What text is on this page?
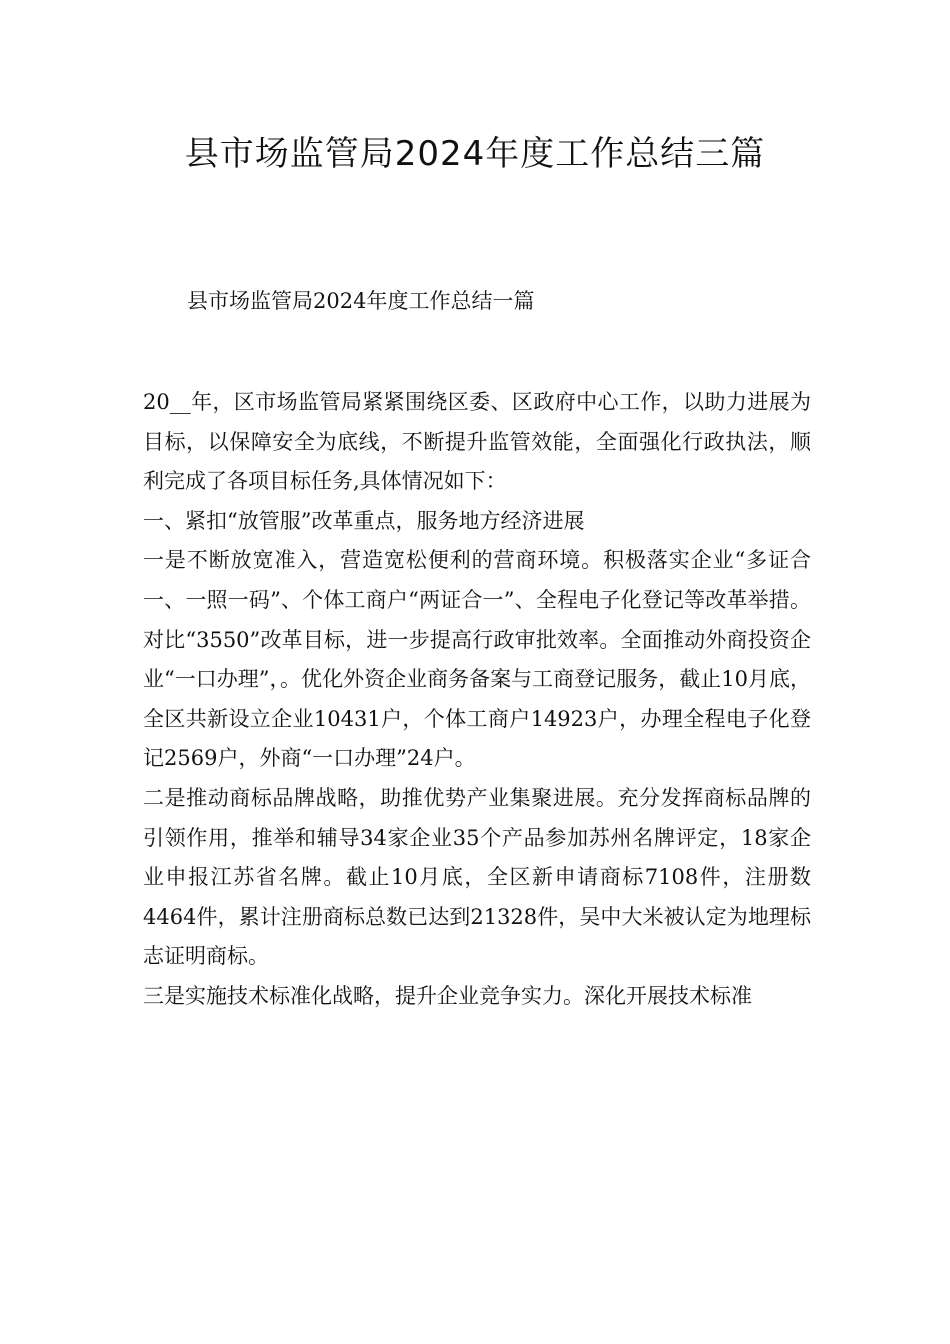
县市场监管局2024年度工作总结三篇
县市场监管局2024年度工作总结一篇

20__年，区市场监管局紧紧围绕区委、区政府中心工作，以助力进展为目标，以保障安全为底线，不断提升监管效能，全面强化行政执法，顺利完成了各项目标任务,具体情况如下：

一、紧扣“放管服”改革重点，服务地方经济进展

一是不断放宽准入，营造宽松便利的营商环境。积极落实企业“多证合一、一照一码”、个体工商户“两证合一”、全程电子化登记等改革举措。对比“3550”改革目标，进一步提高行政审批效率。全面推动外商投资企业“一口办理”，。优化外资企业商务备案与工商登记服务，截止10月底，全区共新设立企业10431户，个体工商户14923户，办理全程电子化登记2569户，外商“一口办理”24户。

二是推动商标品牌战略，助推优势产业集聚进展。充分发挥商标品牌的引领作用，推举和辅导34家企业35个产品参加苏州名牌评定，18家企业申报江苏省名牌。截止10月底，全区新申请商标7108件，注册数4464件，累计注册商标总数已达到21328件，吴中大米被认定为地理标志证明商标。

三是实施技术标准化战略，提升企业竞争实力。深化开展技术标准
